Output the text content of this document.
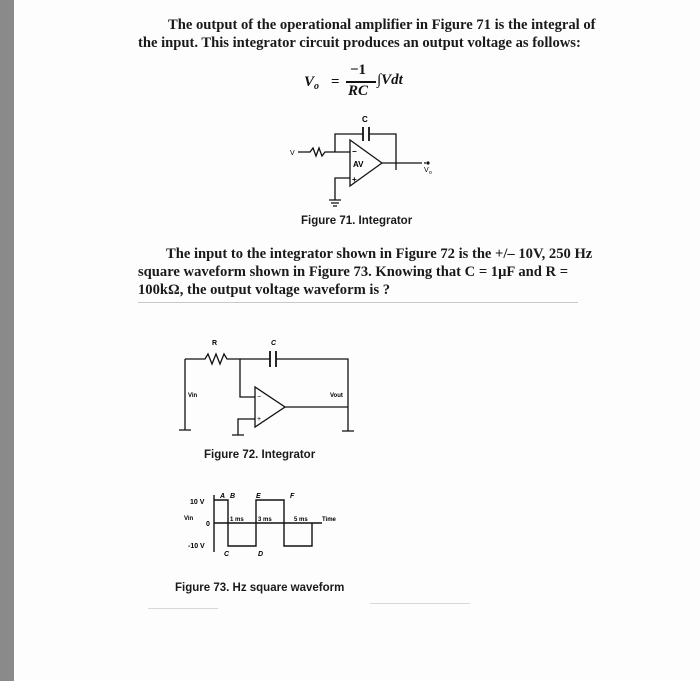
The output of the operational amplifier in Figure 71 is the integral of
the input. This integrator circuit produces an output voltage as follows:
V o =
−1
RC
∫Vdt
C
AV
−
+
V
V o
Figure 71. Integrator
The input to the integrator shown in Figure 72 is the +/– 10V, 250 Hz
square waveform shown in Figure 73. Knowing that C = 1μF and R =
100kΩ, the output voltage waveform is ?
R	C
Vin	Vout
−
+
Figure 72. Integrator
10 V
0
-10 V
Vin	1 ms 3 ms	5 ms Time
A B
C	D
E	F
Figure 73. Hz square waveform
